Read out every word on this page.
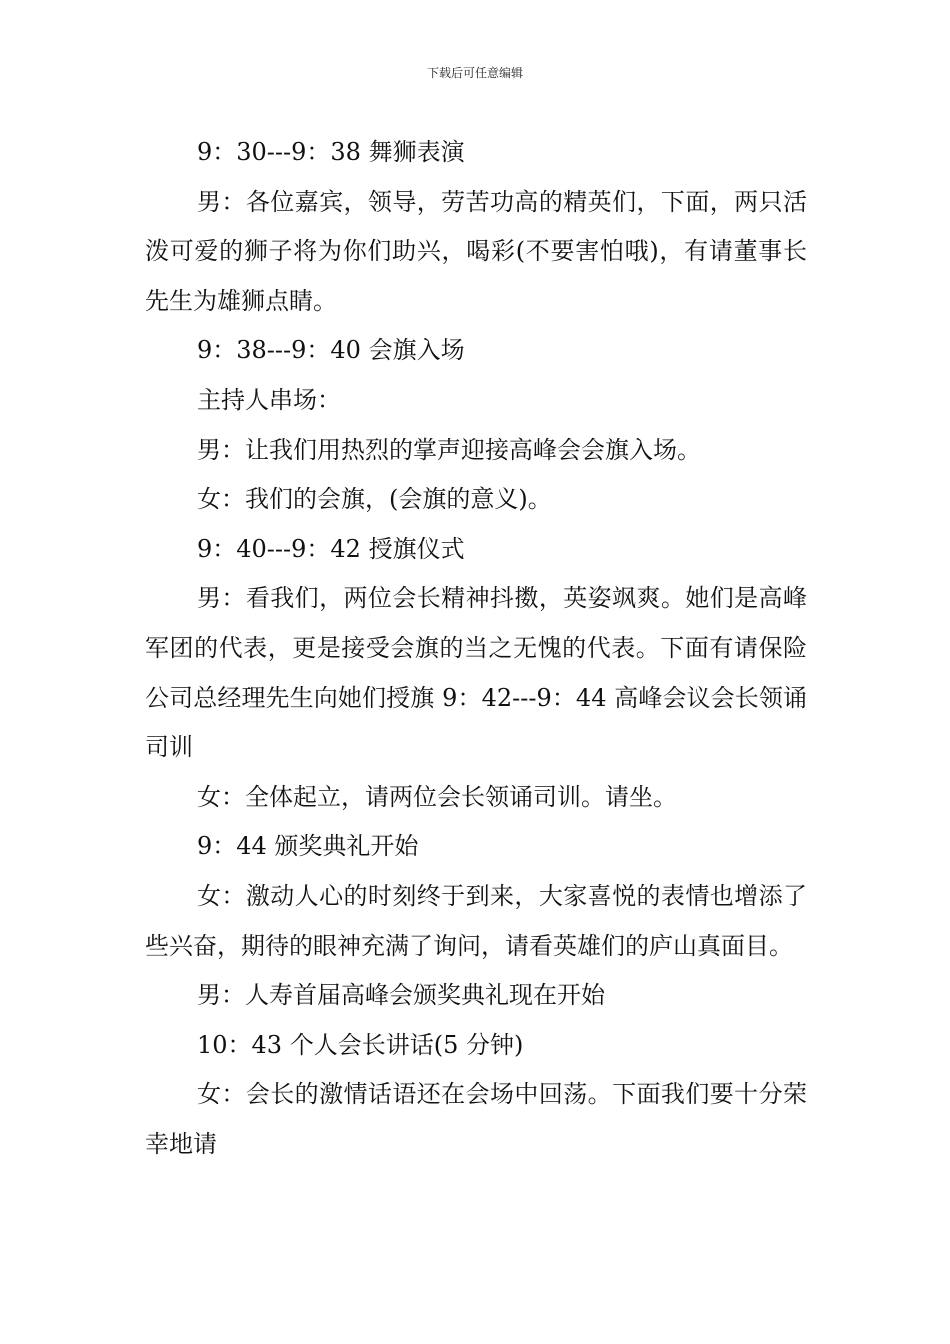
下载后可任意编辑

9：30---9：38 舞狮表演

男：各位嘉宾，领导，劳苦功高的精英们，下面，两只活泼可爱的狮子将为你们助兴，喝彩(不要害怕哦)，有请董事长先生为雄狮点睛。

9：38---9：40 会旗入场

主持人串场：

男：让我们用热烈的掌声迎接高峰会会旗入场。

女：我们的会旗，(会旗的意义)。

9：40---9：42 授旗仪式

男：看我们，两位会长精神抖擞，英姿飒爽。她们是高峰军团的代表，更是接受会旗的当之无愧的代表。下面有请保险公司总经理先生向她们授旗 9：42---9：44 高峰会议会长领诵司训

女：全体起立，请两位会长领诵司训。请坐。

9：44 颁奖典礼开始

女：激动人心的时刻终于到来，大家喜悦的表情也增添了些兴奋，期待的眼神充满了询问，请看英雄们的庐山真面目。

男：人寿首届高峰会颁奖典礼现在开始

10：43 个人会长讲话(5 分钟)

女：会长的激情话语还在会场中回荡。下面我们要十分荣幸地请
